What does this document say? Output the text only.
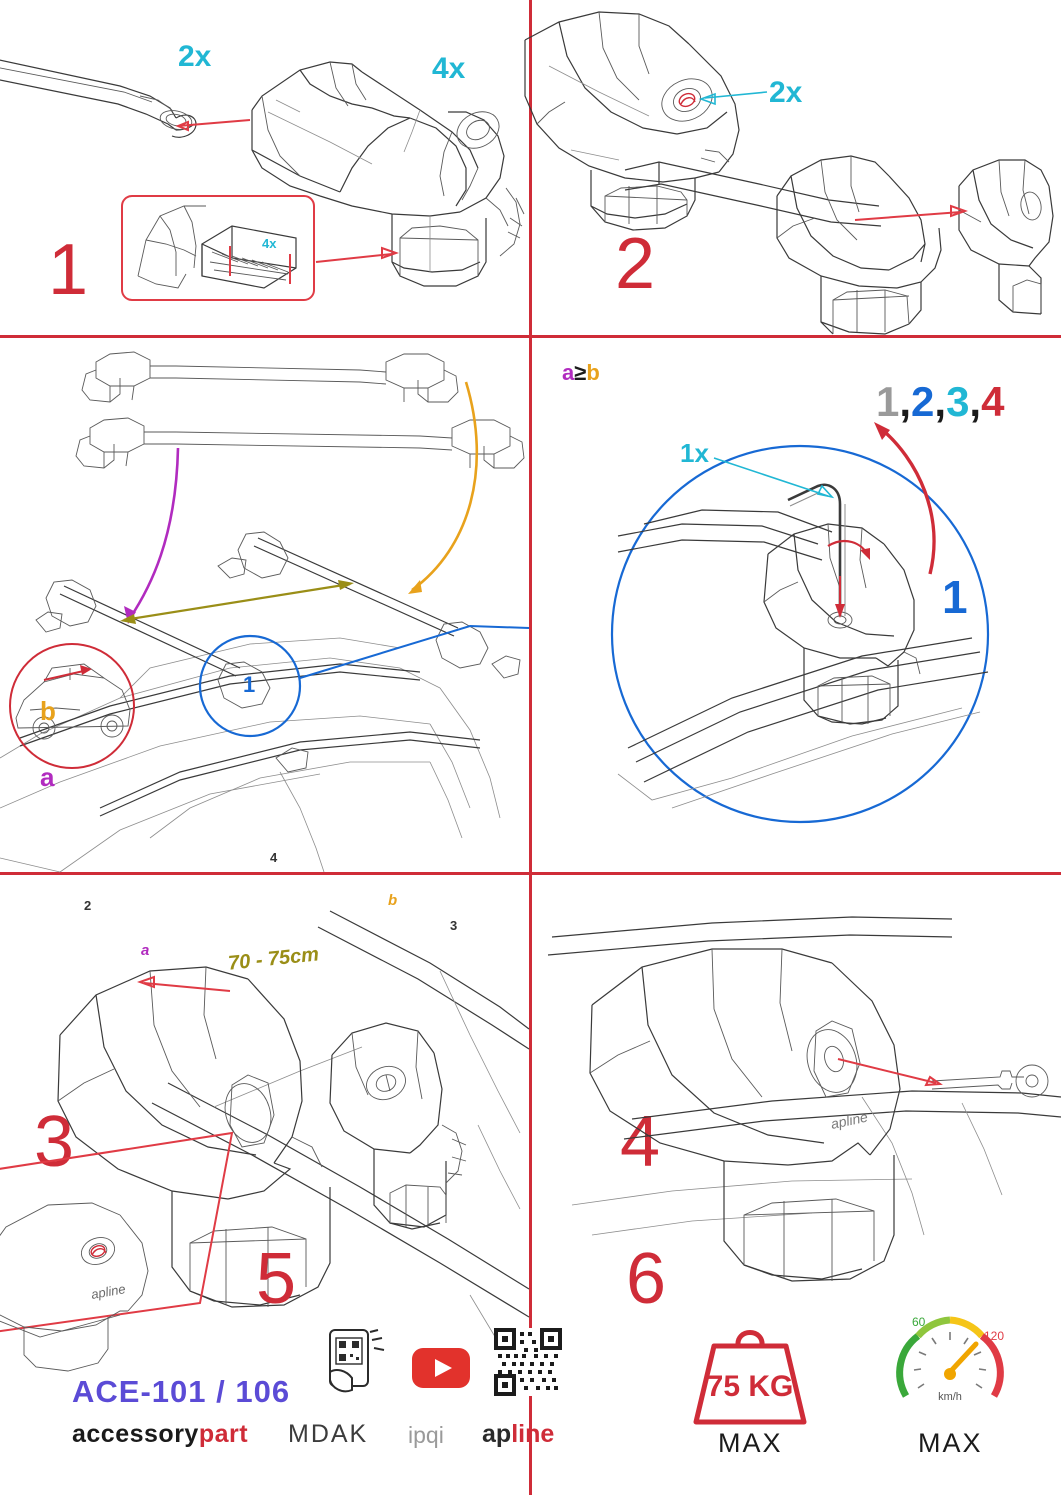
4x
2x	4x
1
2x
2
b
a
3
a
b
70 - 75cm
2
4
3
1
1x
1
4
a≥b
1,2,3,4
apline 5
apline
6
ACE-101 / 106
accessorypart MDAK ipqi apline
75 KG
MAX
60
120
km/h
MAX
